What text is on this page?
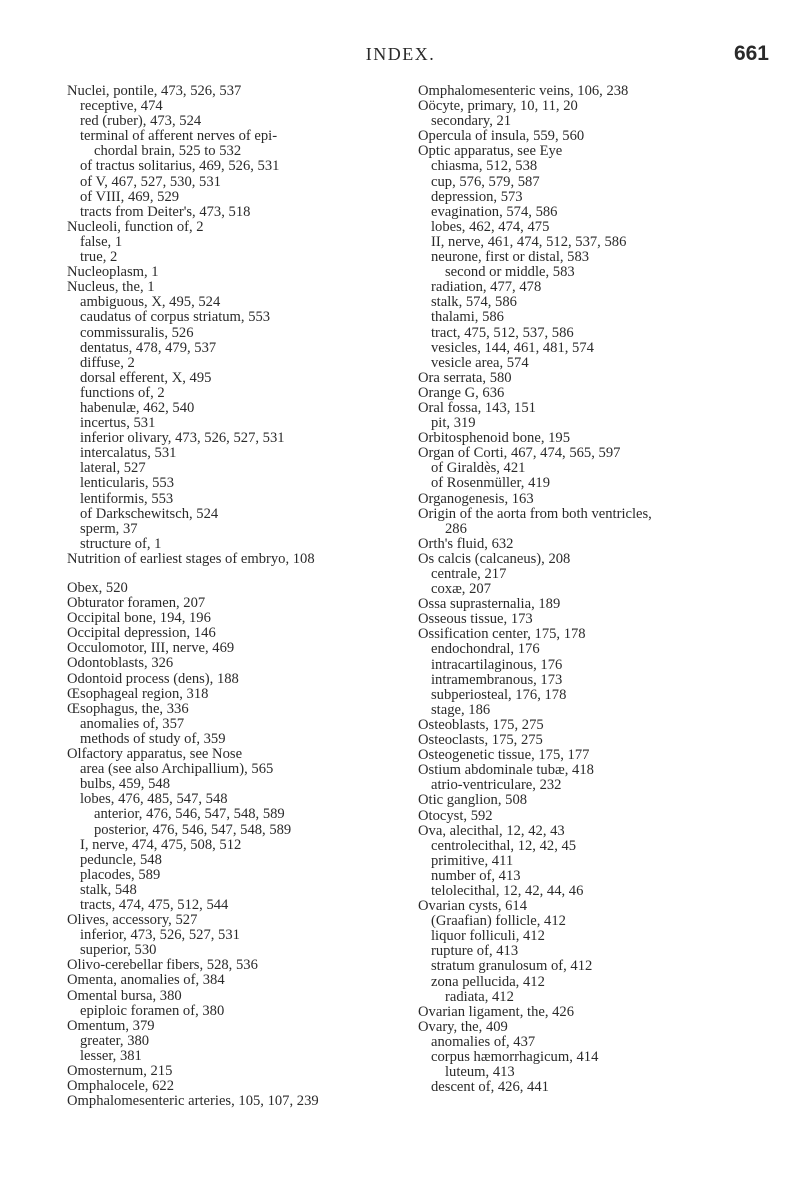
INDEX.	661
Nuclei, pontile, 473, 526, 537
receptive, 474
red (ruber), 473, 524
terminal of afferent nerves of epi-
chordal brain, 525 to 532
of tractus solitarius, 469, 526, 531
of V, 467, 527, 530, 531
of VIII, 469, 529
tracts from Deiter's, 473, 518
Nucleoli, function of, 2
false, 1
true, 2
Nucleoplasm, 1
Nucleus, the, 1
ambiguous, X, 495, 524
caudatus of corpus striatum, 553
commissuralis, 526
dentatus, 478, 479, 537
diffuse, 2
dorsal efferent, X, 495
functions of, 2
habenulæ, 462, 540
incertus, 531
inferior olivary, 473, 526, 527, 531
intercalatus, 531
lateral, 527
lenticularis, 553
lentiformis, 553
of Darkschewitsch, 524
sperm, 37
structure of, 1
Nutrition of earliest stages of embryo, 108
Obex, 520
Obturator foramen, 207
Occipital bone, 194, 196
Occipital depression, 146
Occulomotor, III, nerve, 469
Odontoblasts, 326
Odontoid process (dens), 188
Œsophageal region, 318
Œsophagus, the, 336
anomalies of, 357
methods of study of, 359
Olfactory apparatus, see Nose
area (see also Archipallium), 565
bulbs, 459, 548
lobes, 476, 485, 547, 548
anterior, 476, 546, 547, 548, 589
posterior, 476, 546, 547, 548, 589
I, nerve, 474, 475, 508, 512
peduncle, 548
placodes, 589
stalk, 548
tracts, 474, 475, 512, 544
Olives, accessory, 527
inferior, 473, 526, 527, 531
superior, 530
Olivo-cerebellar fibers, 528, 536
Omenta, anomalies of, 384
Omental bursa, 380
epiploic foramen of, 380
Omentum, 379
greater, 380
lesser, 381
Omosternum, 215
Omphalocele, 622
Omphalomesenteric arteries, 105, 107, 239
Omphalomesenteric veins, 106, 238
Oöcyte, primary, 10, 11, 20
secondary, 21
Opercula of insula, 559, 560
Optic apparatus, see Eye
chiasma, 512, 538
cup, 576, 579, 587
depression, 573
evagination, 574, 586
lobes, 462, 474, 475
II, nerve, 461, 474, 512, 537, 586
neurone, first or distal, 583
second or middle, 583
radiation, 477, 478
stalk, 574, 586
thalami, 586
tract, 475, 512, 537, 586
vesicles, 144, 461, 481, 574
vesicle area, 574
Ora serrata, 580
Orange G, 636
Oral fossa, 143, 151
pit, 319
Orbitosphenoid bone, 195
Organ of Corti, 467, 474, 565, 597
of Giraldès, 421
of Rosenmüller, 419
Organogenesis, 163
Origin of the aorta from both ventricles,
286
Orth's fluid, 632
Os calcis (calcaneus), 208
centrale, 217
coxæ, 207
Ossa suprasternalia, 189
Osseous tissue, 173
Ossification center, 175, 178
endochondral, 176
intracartilaginous, 176
intramembranous, 173
subperiosteal, 176, 178
stage, 186
Osteoblasts, 175, 275
Osteoclasts, 175, 275
Osteogenetic tissue, 175, 177
Ostium abdominale tubæ, 418
atrio-ventriculare, 232
Otic ganglion, 508
Otocyst, 592
Ova, alecithal, 12, 42, 43
centrolecithal, 12, 42, 45
primitive, 411
number of, 413
telolecithal, 12, 42, 44, 46
Ovarian cysts, 614
(Graafian) follicle, 412
liquor folliculi, 412
rupture of, 413
stratum granulosum of, 412
zona pellucida, 412
radiata, 412
Ovarian ligament, the, 426
Ovary, the, 409
anomalies of, 437
corpus hæmorrhagicum, 414
luteum, 413
descent of, 426, 441
